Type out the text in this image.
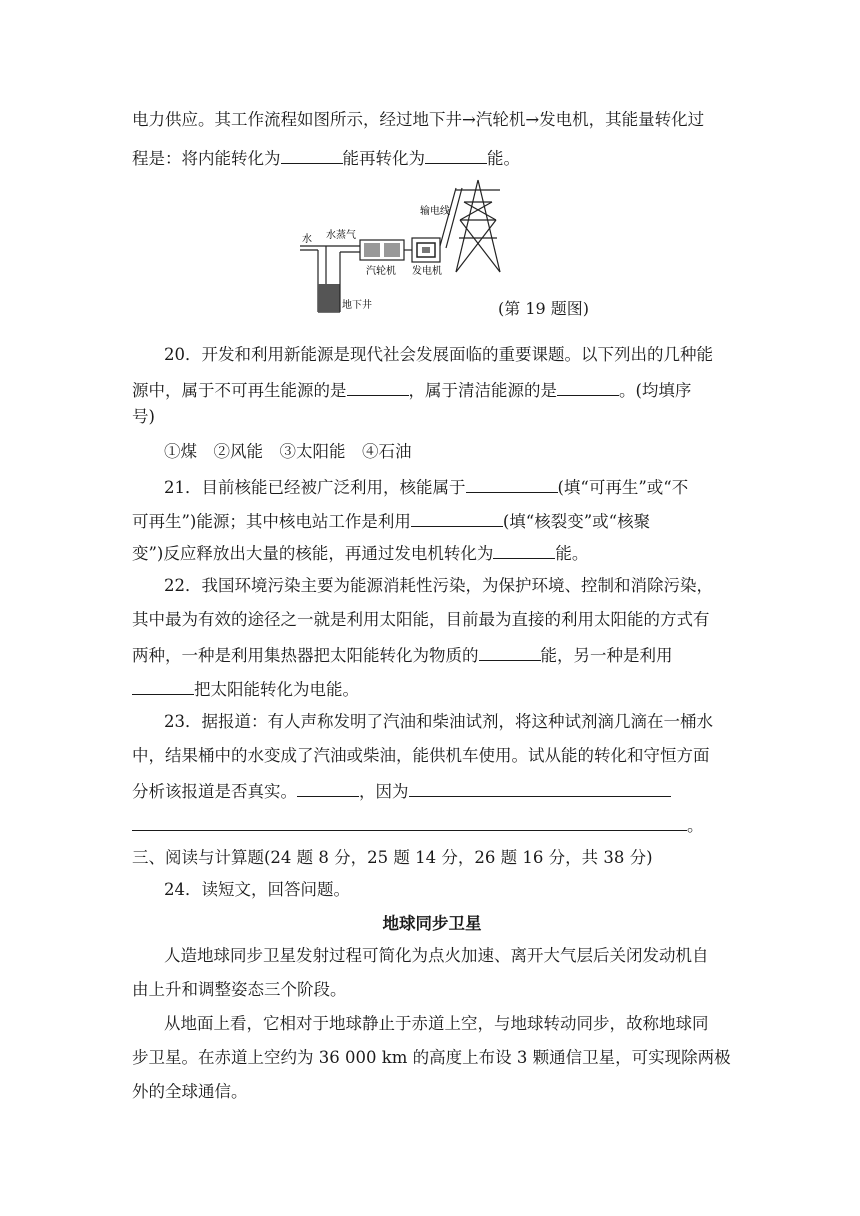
电力供应。其工作流程如图所示，经过地下井→汽轮机→发电机，其能量转化过
程是：将内能转化为	能再转化为	能。
水 水蒸气
汽轮机 发电机
输电线
地下井	(第 19 题图)
20．开发和利用新能源是现代社会发展面临的重要课题。以下列出的几种能
源中，属于不可再生能源的是	，属于清洁能源的是	。(均填序
号)
①煤　②风能　③太阳能　④石油
21．目前核能已经被广泛利用，核能属于	(填“可再生”或“不
可再生”)能源；其中核电站工作是利用	(填“核裂变”或“核聚
变”)反应释放出大量的核能，再通过发电机转化为	能。
22．我国环境污染主要为能源消耗性污染，为保护环境、控制和消除污染，
其中最为有效的途径之一就是利用太阳能，目前最为直接的利用太阳能的方式有
两种，一种是利用集热器把太阳能转化为物质的	能，另一种是利用
把太阳能转化为电能。
23．据报道：有人声称发明了汽油和柴油试剂，将这种试剂滴几滴在一桶水
中，结果桶中的水变成了汽油或柴油，能供机车使用。试从能的转化和守恒方面
分析该报道是否真实。	，因为
。
三、阅读与计算题(24 题 8 分，25 题 14 分，26 题 16 分，共 38 分)
24．读短文，回答问题。
地球同步卫星
人造地球同步卫星发射过程可简化为点火加速、离开大气层后关闭发动机自
由上升和调整姿态三个阶段。
从地面上看，它相对于地球静止于赤道上空，与地球转动同步，故称地球同
步卫星。在赤道上空约为 36 000 km 的高度上布设 3 颗通信卫星，可实现除两极
外的全球通信。
